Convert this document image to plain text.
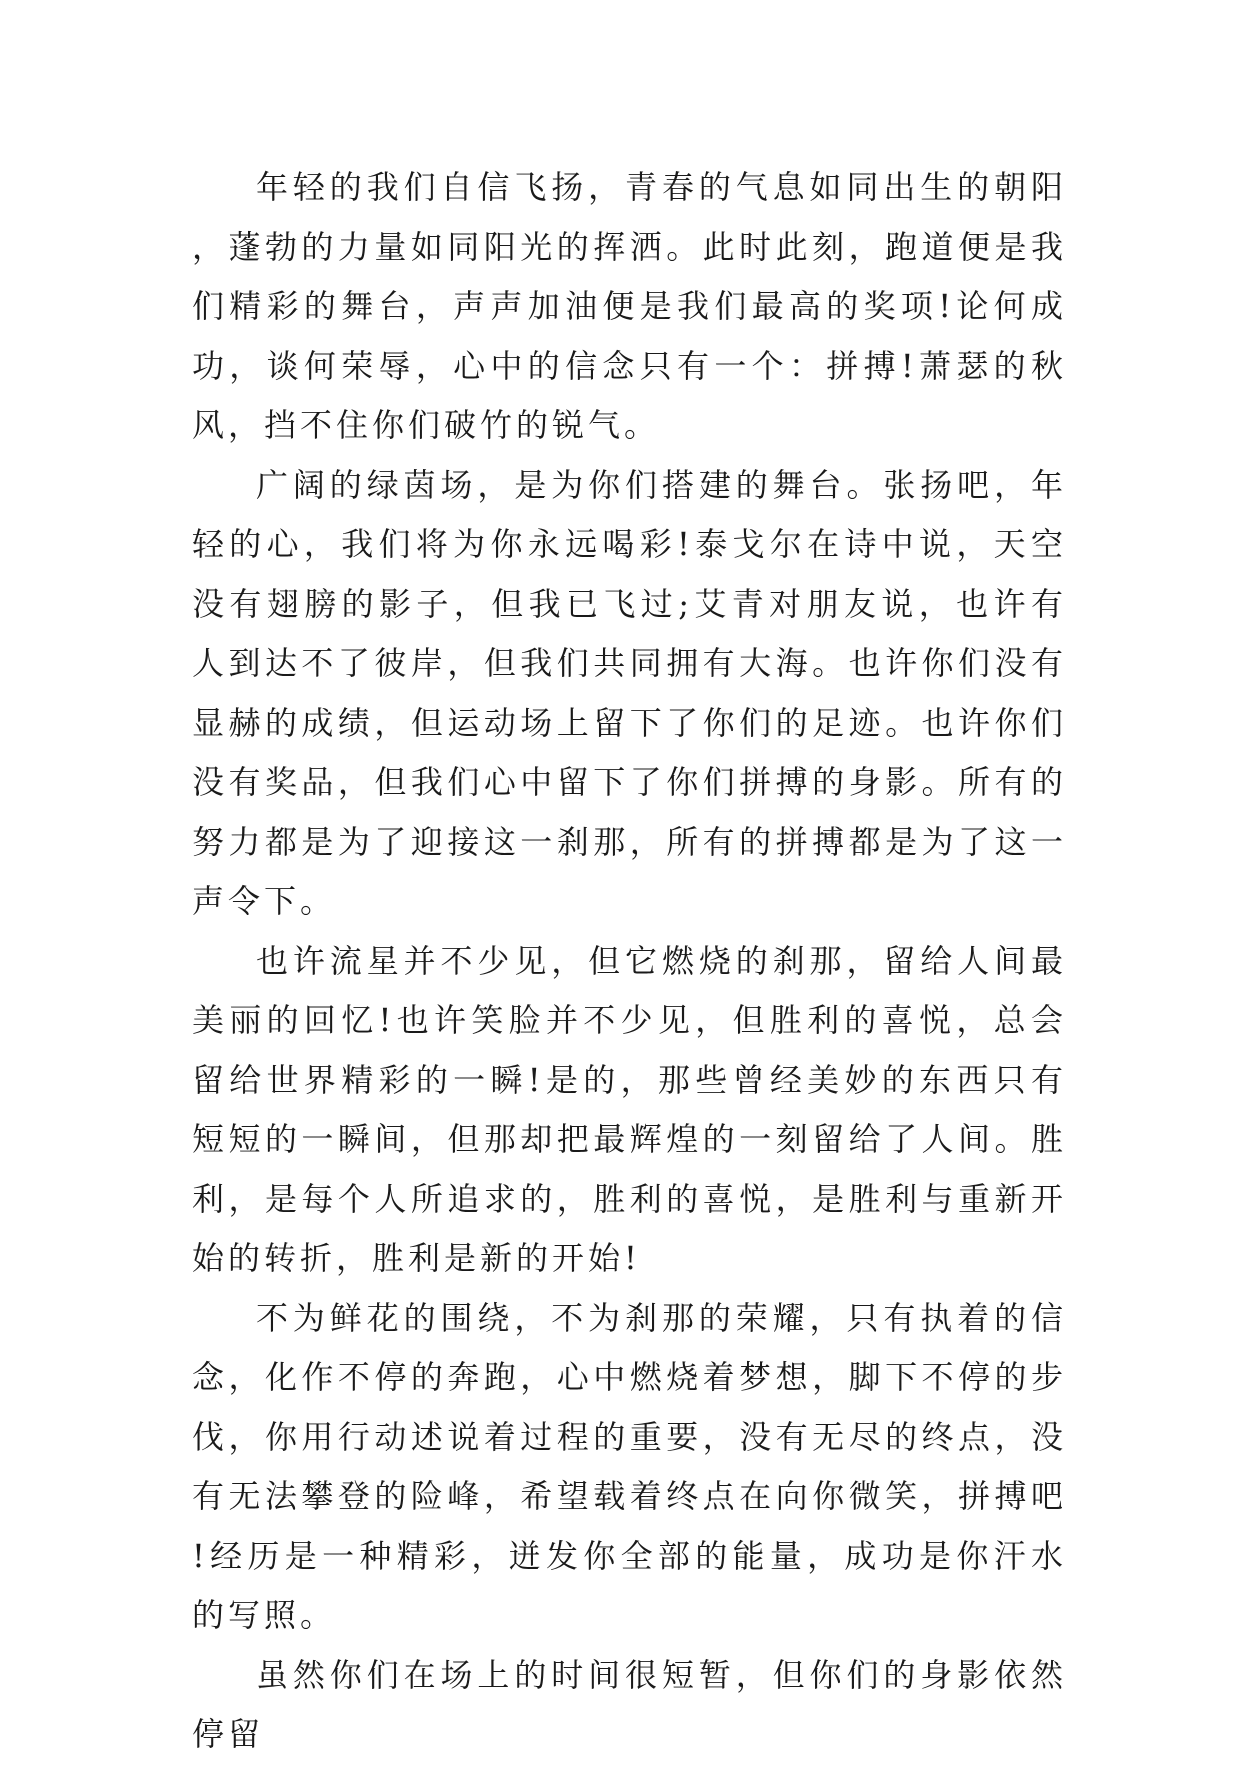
年轻的我们自信飞扬，青春的气息如同出生的朝阳，蓬勃的力量如同阳光的挥洒。此时此刻，跑道便是我们精彩的舞台，声声加油便是我们最高的奖项!论何成功，谈何荣辱，心中的信念只有一个：拼搏!萧瑟的秋风，挡不住你们破竹的锐气。

广阔的绿茵场，是为你们搭建的舞台。张扬吧，年轻的心，我们将为你永远喝彩!泰戈尔在诗中说，天空没有翅膀的影子，但我已飞过;艾青对朋友说，也许有人到达不了彼岸，但我们共同拥有大海。也许你们没有显赫的成绩，但运动场上留下了你们的足迹。也许你们没有奖品，但我们心中留下了你们拼搏的身影。所有的努力都是为了迎接这一刹那，所有的拼搏都是为了这一声令下。

也许流星并不少见，但它燃烧的刹那，留给人间最美丽的回忆!也许笑脸并不少见，但胜利的喜悦，总会留给世界精彩的一瞬!是的，那些曾经美妙的东西只有短短的一瞬间，但那却把最辉煌的一刻留给了人间。胜利，是每个人所追求的，胜利的喜悦，是胜利与重新开始的转折，胜利是新的开始!

不为鲜花的围绕，不为刹那的荣耀，只有执着的信念，化作不停的奔跑，心中燃烧着梦想，脚下不停的步伐，你用行动述说着过程的重要，没有无尽的终点，没有无法攀登的险峰，希望载着终点在向你微笑，拼搏吧!经历是一种精彩，迸发你全部的能量，成功是你汗水的写照。

虽然你们在场上的时间很短暂，但你们的身影依然停留
